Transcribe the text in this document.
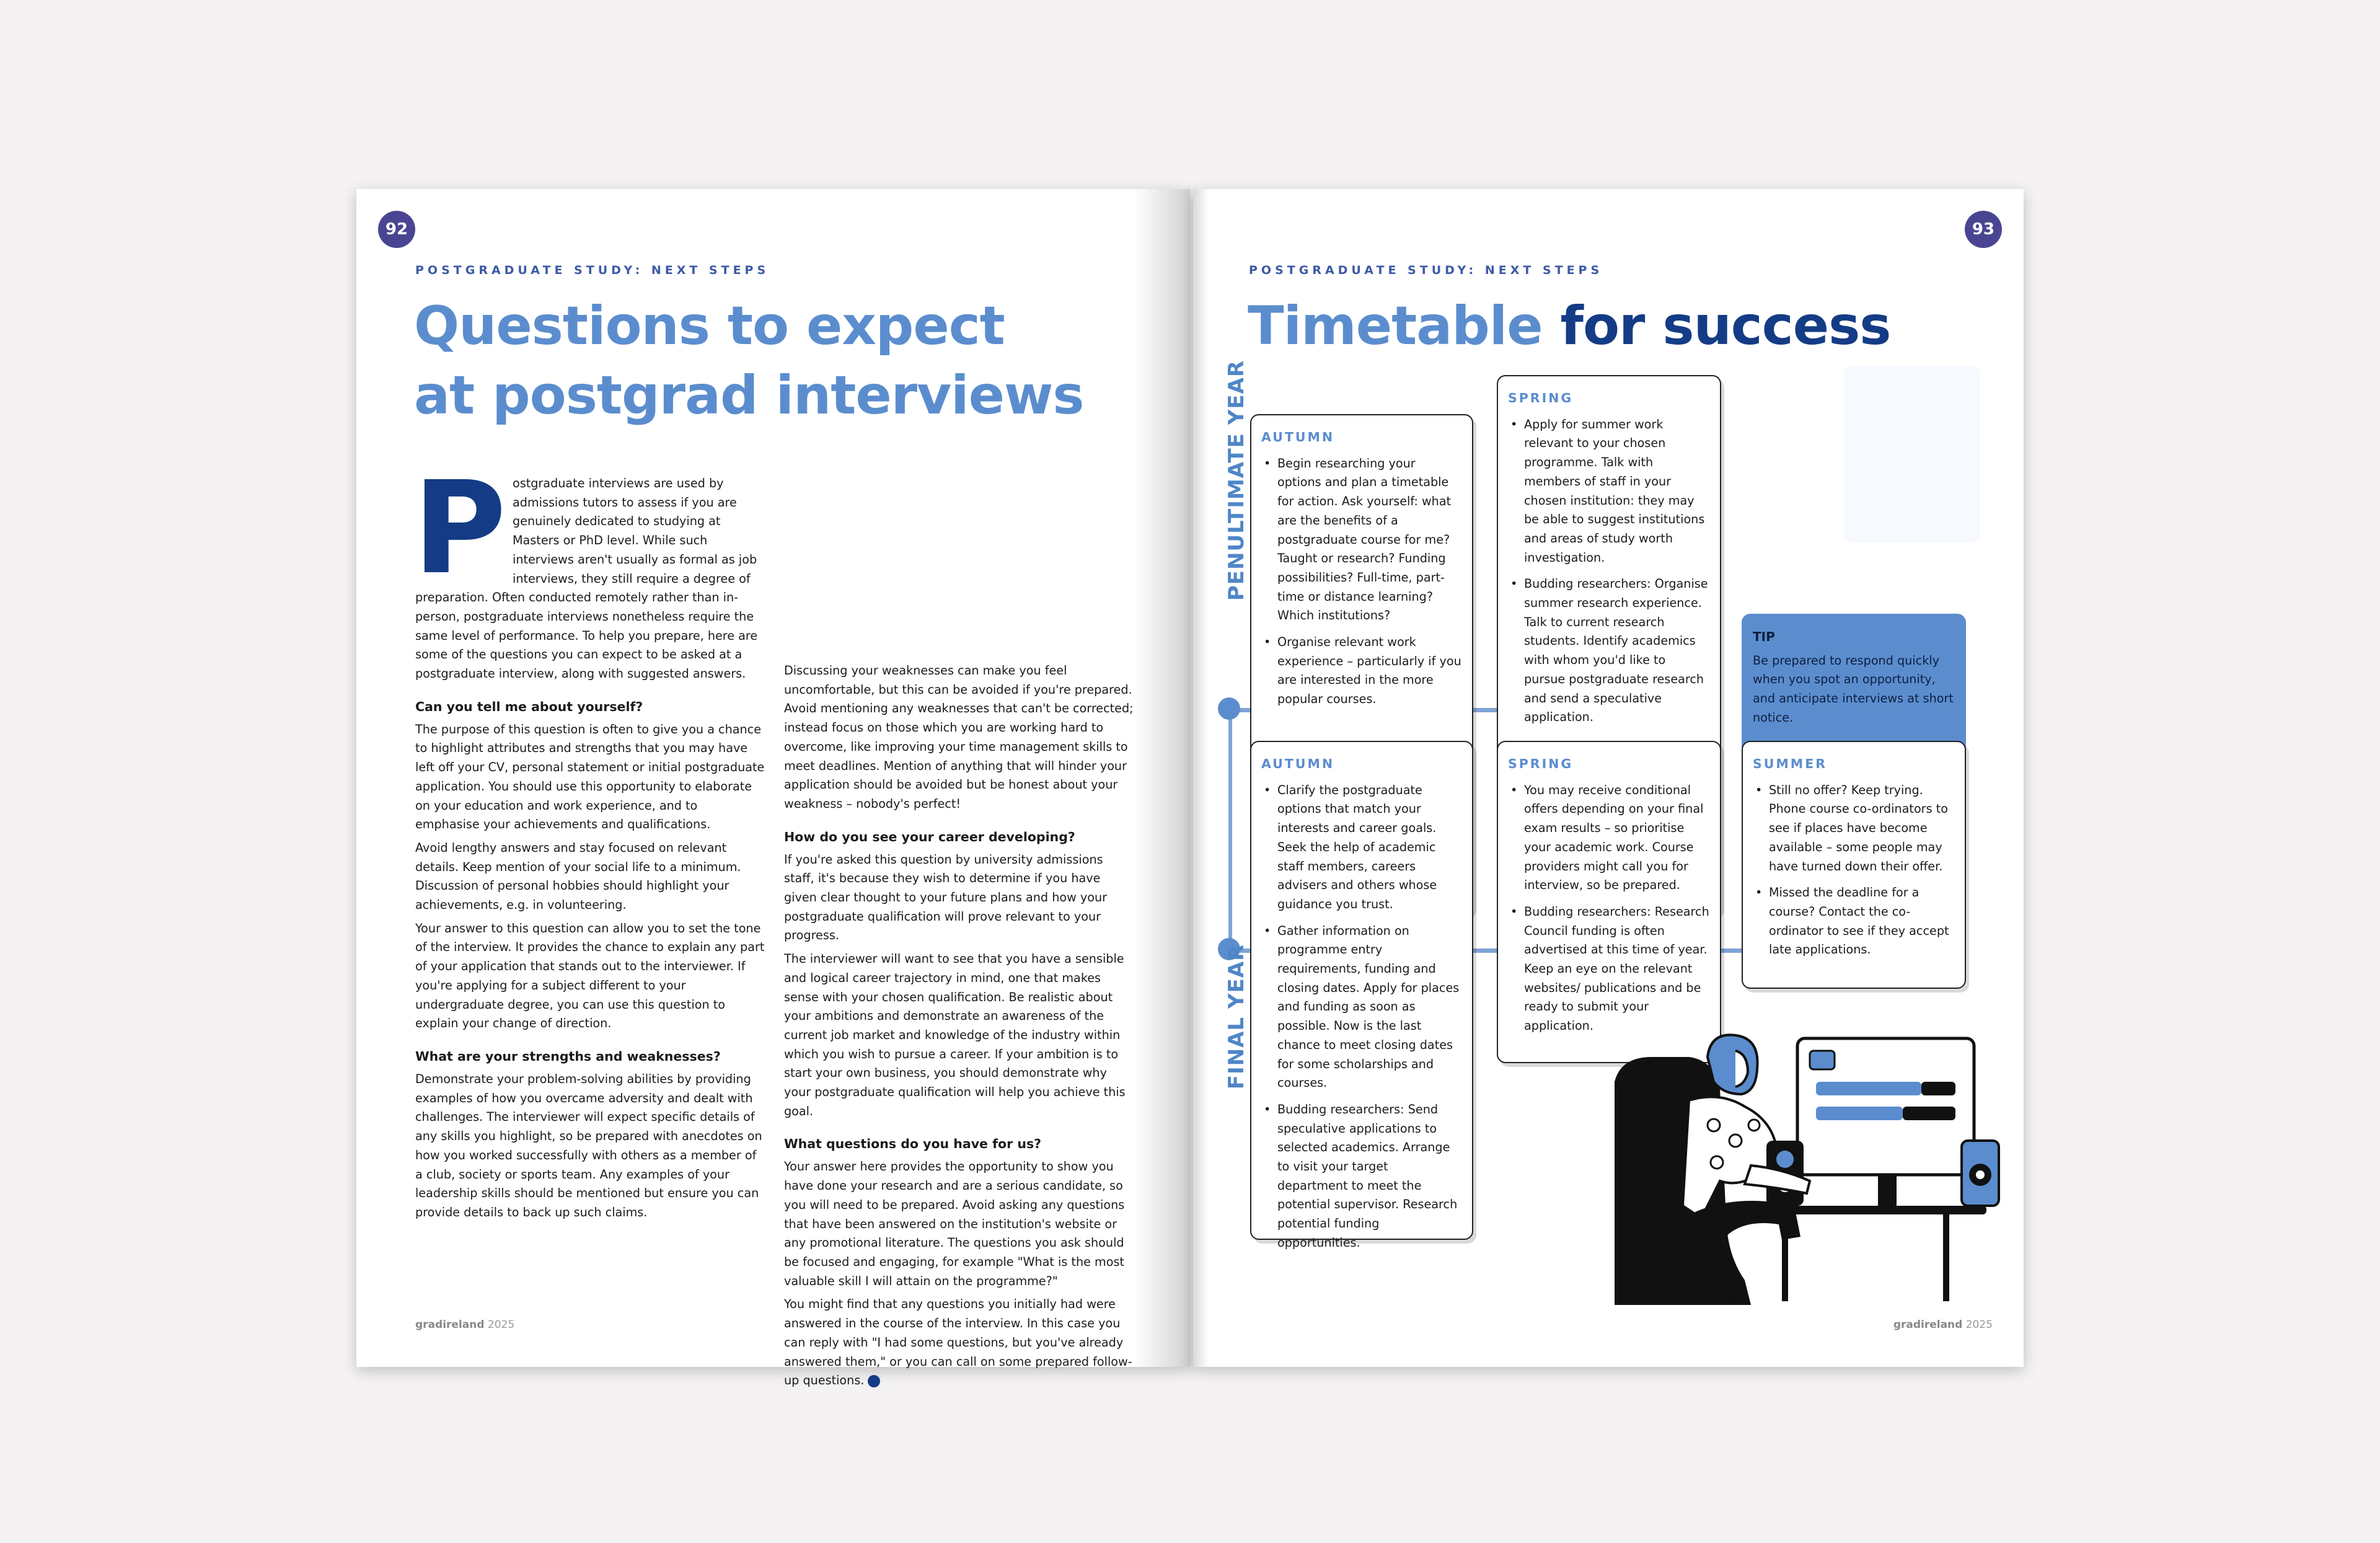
92
POSTGRADUATE STUDY: NEXT STEPS
Questions to expect
at postgrad interviews

Postgraduate interviews are used by admissions tutors to assess if you are genuinely dedicated to studying at Masters or PhD level. While such interviews aren't usually as formal as job interviews, they still require a degree of preparation. Often conducted remotely rather than in-person, postgraduate interviews nonetheless require the same level of performance. To help you prepare, here are some of the questions you can expect to be asked at a postgraduate interview, along with suggested answers.

Can you tell me about yourself?

The purpose of this question is often to give you a chance to highlight attributes and strengths that you may have left off your CV, personal statement or initial postgraduate application. You should use this opportunity to elaborate on your education and work experience, and to emphasise your achievements and qualifications.

Avoid lengthy answers and stay focused on relevant details. Keep mention of your social life to a minimum. Discussion of personal hobbies should highlight your achievements, e.g. in volunteering.

Your answer to this question can allow you to set the tone of the interview. It provides the chance to explain any part of your application that stands out to the interviewer. If you're applying for a subject different to your undergraduate degree, you can use this question to explain your change of direction.

What are your strengths and weaknesses?

Demonstrate your problem-solving abilities by providing examples of how you overcame adversity and dealt with challenges. The interviewer will expect specific details of any skills you highlight, so be prepared with anecdotes on how you worked successfully with others as a member of a club, society or sports team. Any examples of your leadership skills should be mentioned but ensure you can provide details to back up such claims.

Discussing your weaknesses can make you feel uncomfortable, but this can be avoided if you're prepared. Avoid mentioning any weaknesses that can't be corrected; instead focus on those which you are working hard to overcome, like improving your time management skills to meet deadlines. Mention of anything that will hinder your application should be avoided but be honest about your weakness – nobody's perfect!

How do you see your career developing?

If you're asked this question by university admissions staff, it's because they wish to determine if you have given clear thought to your future plans and how your postgraduate qualification will prove relevant to your progress.

The interviewer will want to see that you have a sensible and logical career trajectory in mind, one that makes sense with your chosen qualification. Be realistic about your ambitions and demonstrate an awareness of the current job market and knowledge of the industry within which you wish to pursue a career. If your ambition is to start your own business, you should demonstrate why your postgraduate qualification will help you achieve this goal.

What questions do you have for us?

Your answer here provides the opportunity to show you have done your research and are a serious candidate, so you will need to be prepared. Avoid asking any questions that have been answered on the institution's website or any promotional literature. The questions you ask should be focused and engaging, for example "What is the most valuable skill I will attain on the programme?"

You might find that any questions you initially had were answered in the course of the interview. In this case you can reply with "I had some questions, but you've already answered them," or you can call on some prepared follow-up questions.

gradireland 2025
93
POSTGRADUATE STUDY: NEXT STEPS
Timetable for success
PENULTIMATE YEAR
FINAL YEAR
AUTUMN
• Begin researching your options and plan a timetable for action. Ask yourself: what are the benefits of a postgraduate course for me? Taught or research? Funding possibilities? Full-time, part-time or distance learning? Which institutions?
• Organise relevant work experience – particularly if you are interested in the more popular courses.
SPRING
• Apply for summer work relevant to your chosen programme. Talk with members of staff in your chosen institution: they may be able to suggest institutions and areas of study worth investigation.
• Budding researchers: Organise summer research experience. Talk to current research students. Identify academics with whom you'd like to pursue postgraduate research and send a speculative application.
TIP
Be prepared to respond quickly when you spot an opportunity, and anticipate interviews at short notice.
AUTUMN
• Clarify the postgraduate options that match your interests and career goals. Seek the help of academic staff members, careers advisers and others whose guidance you trust.
• Gather information on programme entry requirements, funding and closing dates. Apply for places and funding as soon as possible. Now is the last chance to meet closing dates for some scholarships and courses.
• Budding researchers: Send speculative applications to selected academics. Arrange to visit your target department to meet the potential supervisor. Research potential funding opportunities.
SPRING
• You may receive conditional offers depending on your final exam results – so prioritise your academic work. Course providers might call you for interview, so be prepared.
• Budding researchers: Research Council funding is often advertised at this time of year. Keep an eye on the relevant websites/ publications and be ready to submit your application.
SUMMER
• Still no offer? Keep trying. Phone course co-ordinators to see if places have become available – some people may have turned down their offer.
• Missed the deadline for a course? Contact the co-ordinator to see if they accept late applications.
gradireland 2025
